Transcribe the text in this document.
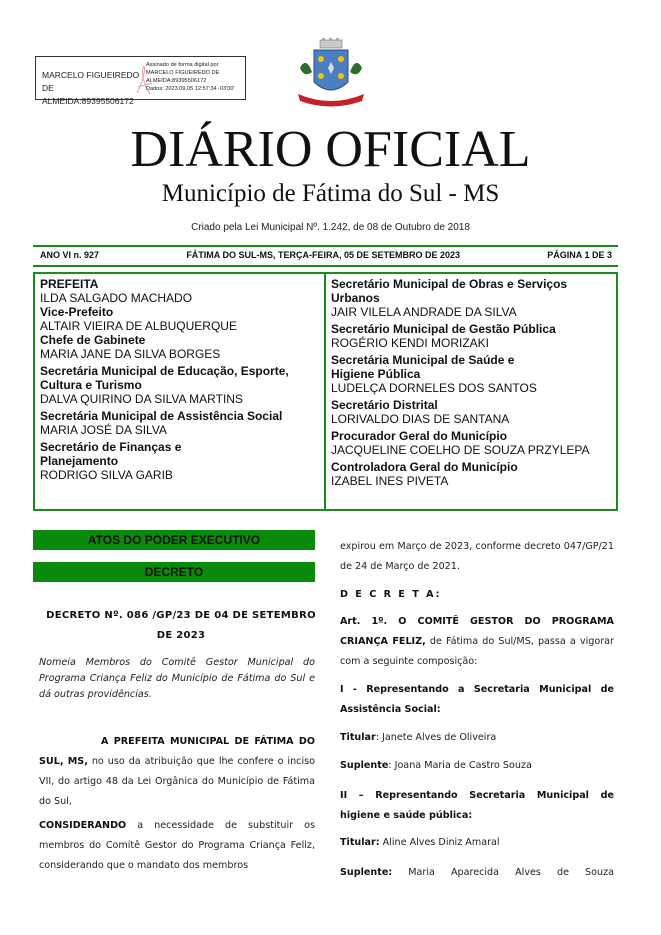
MARCELO FIGUEIREDO DE ALMEIDA:89395506172
Assinado de forma digital por
MARCELO FIGUEIREDO DE ALMEIDA:89395506172
Dados: 2023.09.05 12:57:34 -03'00'
DIÁRIO OFICIAL
Município de Fátima do Sul - MS
Criado pela Lei Municipal Nº. 1.242, de 08 de Outubro de 2018
ANO VI n. 927	FÁTIMA DO SUL-MS, TERÇA-FEIRA, 05 DE SETEMBRO DE 2023	PÁGINA 1 DE 3
PREFEITA
ILDA SALGADO MACHADO
Vice-Prefeito
ALTAIR VIEIRA DE ALBUQUERQUE
Chefe de Gabinete
MARIA JANE DA SILVA BORGES
Secretária Municipal de Educação, Esporte, Cultura e Turismo
DALVA QUIRINO DA SILVA MARTINS
Secretária Municipal de Assistência Social
MARIA JOSÉ DA SILVA
Secretário de Finanças e Planejamento
RODRIGO SILVA GARIB
Secretário Municipal de Obras e Serviços Urbanos
JAIR VILELA ANDRADE DA SILVA
Secretário Municipal de Gestão Pública
ROGÉRIO KENDI MORIZAKI
Secretária Municipal de Saúde e Higiene Pública
LUDELÇA DORNELES DOS SANTOS
Secretário Distrital
LORIVALDO DIAS DE SANTANA
Procurador Geral do Município
JACQUELINE COELHO DE SOUZA PRZYLEPA
Controladora Geral do Município
IZABEL INES PIVETA
ATOS DO PODER EXECUTIVO
DECRETO
DECRETO Nº. 086 /GP/23 DE 04 DE SETEMBRO DE 2023
Nomeia Membros do Comitê Gestor Municipal do Programa Criança Feliz do Município de Fátima do Sul e dá outras providências.
A PREFEITA MUNICIPAL DE FÁTIMA DO SUL, MS, no uso da atribuição que lhe confere o inciso VII, do artigo 48 da Lei Orgânica do Município de Fátima do Sul,
CONSIDERANDO a necessidade de substituir os membros do Comitê Gestor do Programa Criança Feliz, considerando que o mandato dos membros
expirou em Março de 2023, conforme decreto 047/GP/21 de 24 de Março de 2021.
D E C R E T A:
Art. 1º. O COMITÊ GESTOR DO PROGRAMA CRIANÇA FELIZ, de Fátima do Sul/MS, passa a vigorar com a seguinte composição:
I - Representando a Secretaria Municipal de Assistência Social:
Titular: Janete Alves de Oliveira
Suplente: Joana Maria de Castro Souza
II – Representando Secretaria Municipal de higiene e saúde pública:
Titular: Aline Alves Diniz Amaral
Suplente: Maria Aparecida Alves de Souza
